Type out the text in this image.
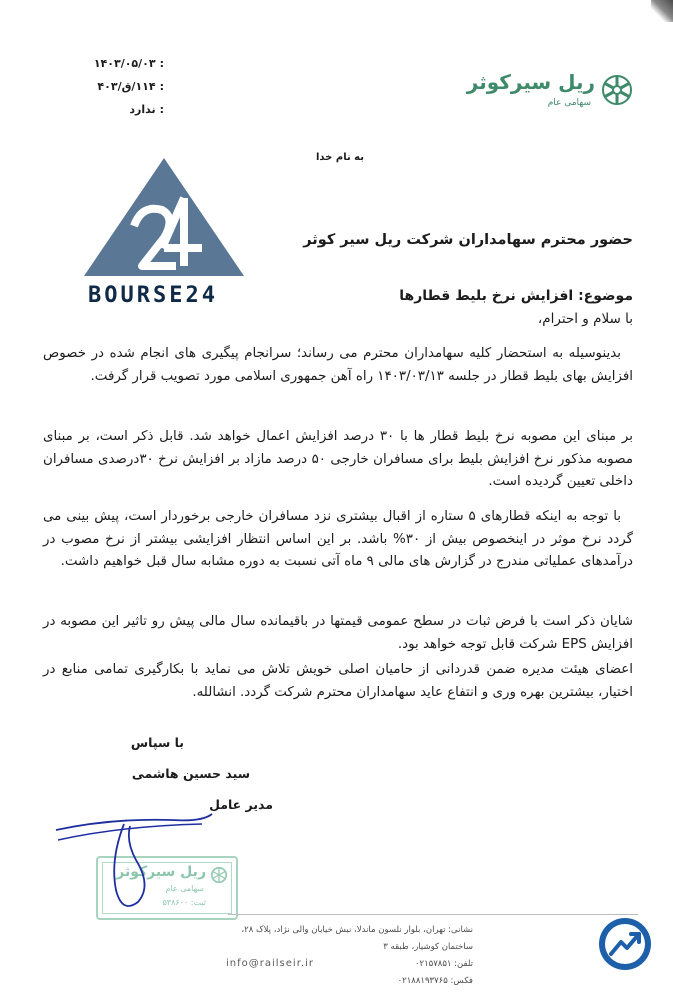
:
۱۴۰۳/۰۵/۰۳
:
۱۱۴/ق/۴۰۳
:
ندارد
ریل سیرکوثر
سهامی عام
به نام خدا
BOURSE24
حضور محترم سهامداران شرکت ریل سیر کوثر
موضوع: افزایش نرخ بلیط قطارها
با سلام و احترام،
بدینوسیله به استحضار کلیه سهامداران محترم می رساند؛ سرانجام پیگیری های انجام شده در خصوص افزایش بهای بلیط قطار در جلسه ۱۴۰۳/۰۳/۱۳ راه آهن جمهوری اسلامی مورد تصویب قرار گرفت.
بر مبنای این مصوبه نرخ بلیط قطار ها با ۳۰ درصد افزایش اعمال خواهد شد. قابل ذکر است، بر مبنای مصوبه مذکور نرخ افزایش بلیط برای مسافران خارجی ۵۰ درصد مازاد بر افزایش نرخ ۳۰درصدی مسافران داخلی تعیین گردیده است.
با توجه به اینکه قطارهای ۵ ستاره از اقبال بیشتری نزد مسافران خارجی برخوردار است، پیش بینی می گردد نرخ موثر در اینخصوص بیش از ۳۰% باشد. بر این اساس انتظار افزایشی بیشتر از نرخ مصوب در درآمدهای عملیاتی مندرج در گزارش های مالی ۹ ماه آتی نسبت به دوره مشابه سال قبل خواهیم داشت.
شایان ذکر است با فرض ثبات در سطح عمومی قیمتها در باقیمانده سال مالی پیش رو تاثیر این مصوبه در افزایش EPS شرکت قابل توجه خواهد بود.
اعضای هیئت مدیره ضمن قدردانی از حامیان اصلی خویش تلاش می نماید با بکارگیری تمامی منابع در اختیار، بیشترین بهره وری و انتفاع عاید سهامداران محترم شرکت گردد. انشالله.
با سپاس
سید حسین هاشمی
مدیر عامل
ریل سیرکوثر
سهامی عام
ثبت: ۵۳۸۶۰۰
نشانی: تهران، بلوار نلسون ماندلا، نبش خیابان والی نژاد، پلاک ۲۸،
ساختمان کوشیار، طبقه ۳
تلفن: ۰۲۱۵۷۸۵۱
فکس: ۰۲۱۸۸۱۹۳۷۶۵
info@railseir.ir
